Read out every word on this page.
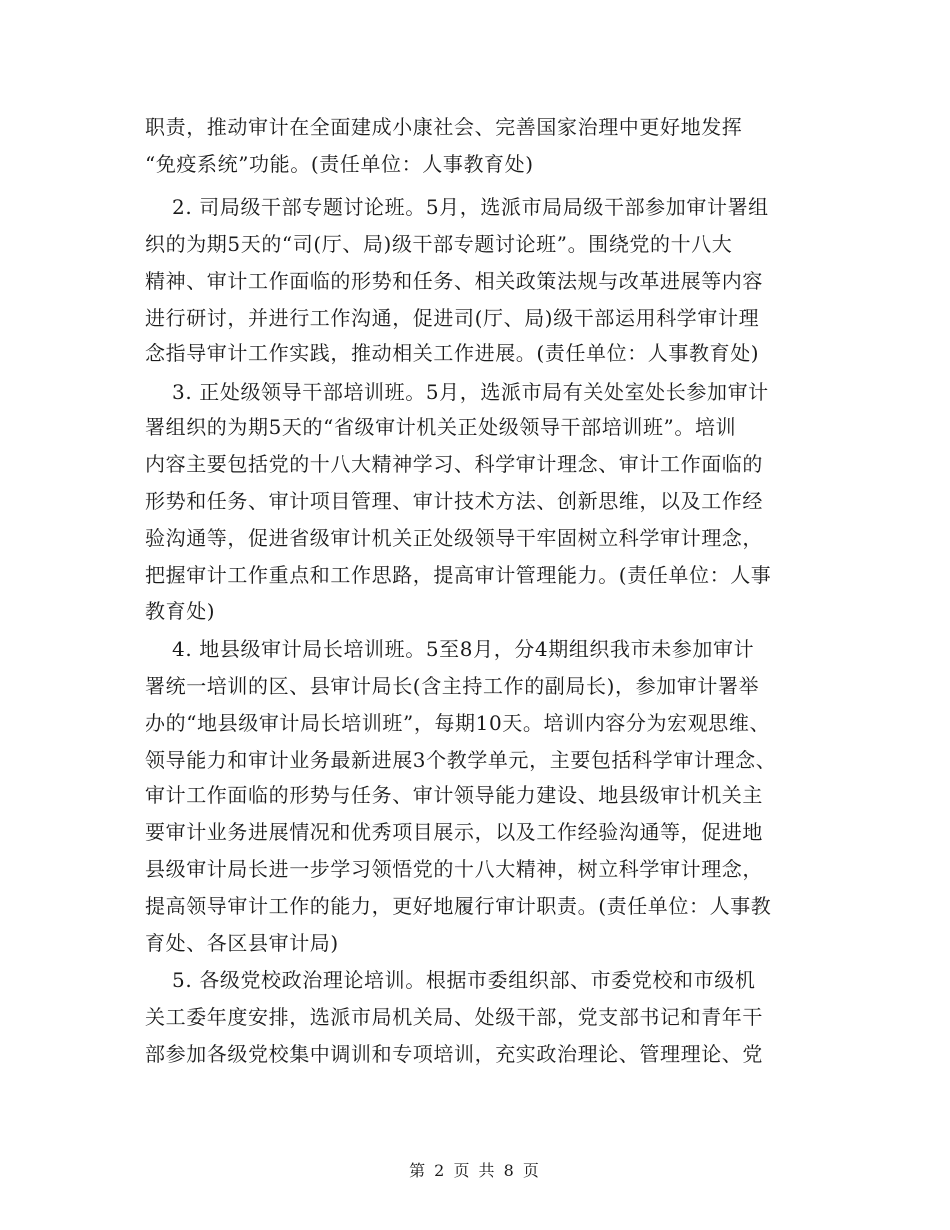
职责，推动审计在全面建成小康社会、完善国家治理中更好地发挥
“免疫系统”功能。(责任单位：人事教育处)
2. 司局级干部专题讨论班。5月，选派市局局级干部参加审计署组
织的为期5天的“司(厅、局)级干部专题讨论班”。围绕党的十八大
精神、审计工作面临的形势和任务、相关政策法规与改革进展等内容
进行研讨，并进行工作沟通，促进司(厅、局)级干部运用科学审计理
念指导审计工作实践，推动相关工作进展。(责任单位：人事教育处)
3. 正处级领导干部培训班。5月，选派市局有关处室处长参加审计
署组织的为期5天的“省级审计机关正处级领导干部培训班”。培训
内容主要包括党的十八大精神学习、科学审计理念、审计工作面临的
形势和任务、审计项目管理、审计技术方法、创新思维，以及工作经
验沟通等，促进省级审计机关正处级领导干牢固树立科学审计理念，
把握审计工作重点和工作思路，提高审计管理能力。(责任单位：人事
教育处)
4. 地县级审计局长培训班。5至8月，分4期组织我市未参加审计
署统一培训的区、县审计局长(含主持工作的副局长)，参加审计署举
办的“地县级审计局长培训班”，每期10天。培训内容分为宏观思维、
领导能力和审计业务最新进展3个教学单元，主要包括科学审计理念、
审计工作面临的形势与任务、审计领导能力建设、地县级审计机关主
要审计业务进展情况和优秀项目展示，以及工作经验沟通等，促进地
县级审计局长进一步学习领悟党的十八大精神，树立科学审计理念，
提高领导审计工作的能力，更好地履行审计职责。(责任单位：人事教
育处、各区县审计局)
5. 各级党校政治理论培训。根据市委组织部、市委党校和市级机
关工委年度安排，选派市局机关局、处级干部，党支部书记和青年干
部参加各级党校集中调训和专项培训，充实政治理论、管理理论、党
第 2 页 共 8 页
